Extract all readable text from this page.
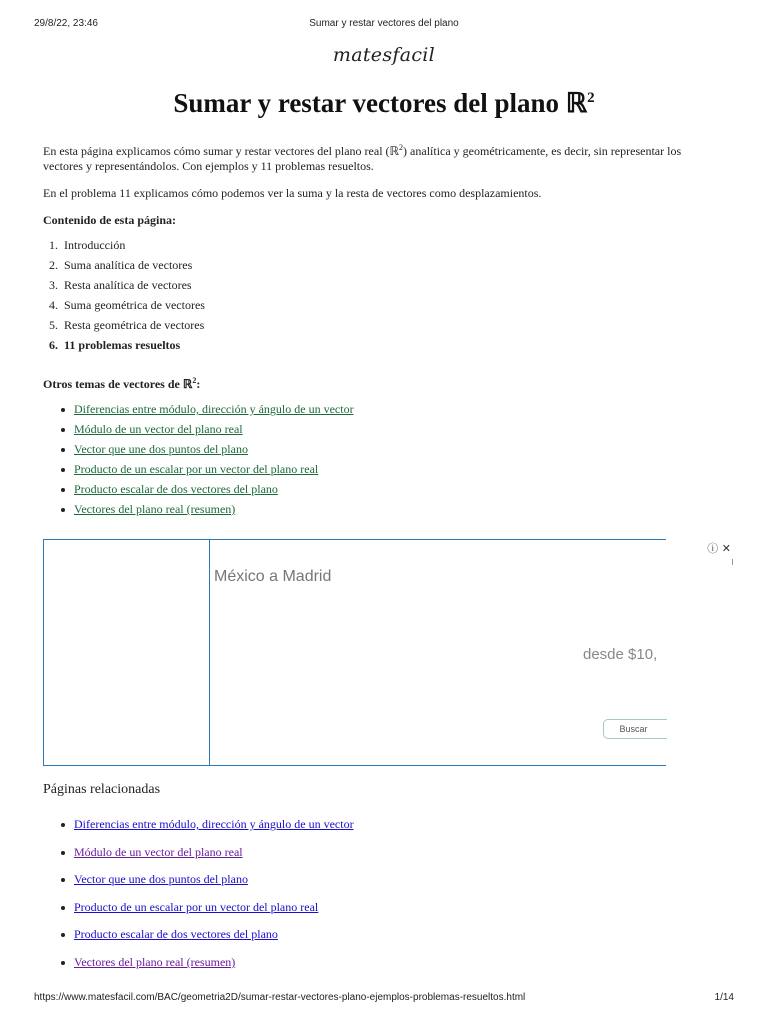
29/8/22, 23:46	Sumar y restar vectores del plano
matesfacil
Sumar y restar vectores del plano ℝ$^2$

En esta página explicamos cómo sumar y restar vectores del plano real (ℝ$^2$) analítica y geométricamente, es decir, sin representar los vectores y representándolos. Con ejemplos y 11 problemas resueltos.

En el problema 11 explicamos cómo podemos ver la suma y la resta de vectores como desplazamientos.

Contenido de esta página:

1. Introducción
2. Suma analítica de vectores
3. Resta analítica de vectores
4. Suma geométrica de vectores
5. Resta geométrica de vectores
6. 11 problemas resueltos

Otros temas de vectores de ℝ$^2$:

Diferencias entre módulo, dirección y ángulo de un vector
Módulo de un vector del plano real
Vector que une dos puntos del plano
Producto de un escalar por un vector del plano real
Producto escalar de dos vectores del plano
Vectores del plano real (resumen)
ⓘ ✕
México a Madrid
desde $10,
Buscar
Páginas relacionadas
Diferencias entre módulo, dirección y ángulo de un vector
Módulo de un vector del plano real
Vector que une dos puntos del plano
Producto de un escalar por un vector del plano real
Producto escalar de dos vectores del plano
Vectores del plano real (resumen)
https://www.matesfacil.com/BAC/geometria2D/sumar-restar-vectores-plano-ejemplos-problemas-resueltos.html	1/14
